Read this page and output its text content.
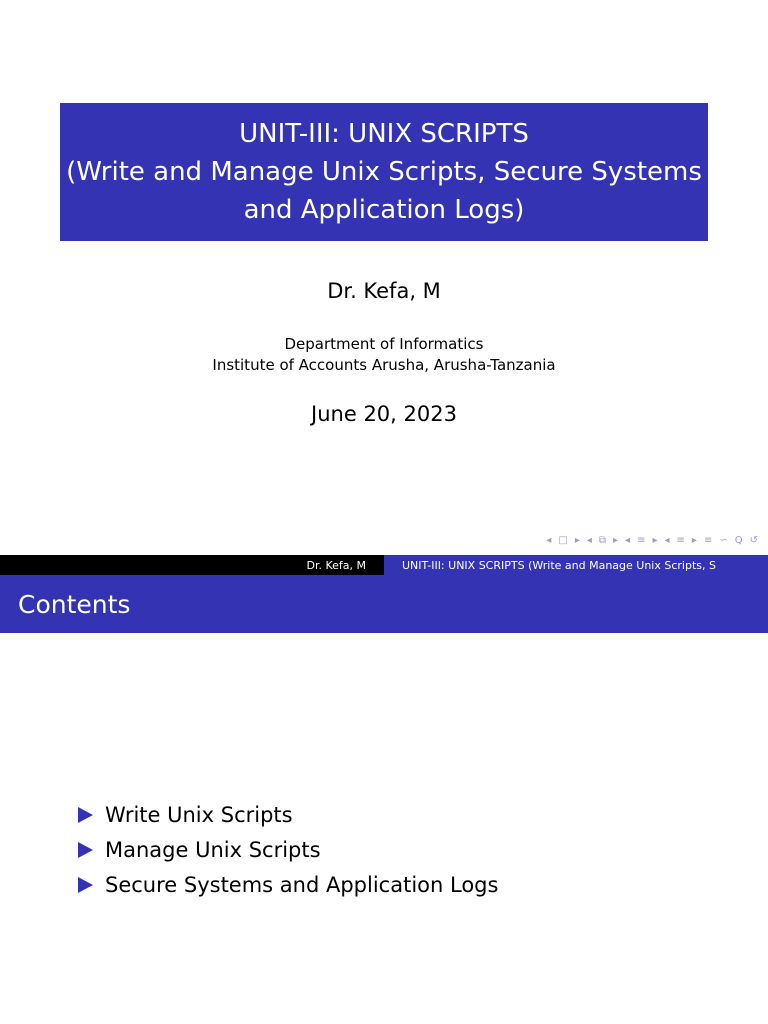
UNIT-III: UNIX SCRIPTS
(Write and Manage Unix Scripts, Secure Systems
and Application Logs)
Dr. Kefa, M
Department of Informatics
Institute of Accounts Arusha, Arusha-Tanzania
June 20, 2023
◂ □ ▸ ◂ ⧉ ▸ ◂ ≡ ▸ ◂ ≡ ▸ ≡ ∽ Q ↺
Dr. Kefa, M	UNIT-III: UNIX SCRIPTS (Write and Manage Unix Scripts, S
Contents
Write Unix Scripts
Manage Unix Scripts
Secure Systems and Application Logs
